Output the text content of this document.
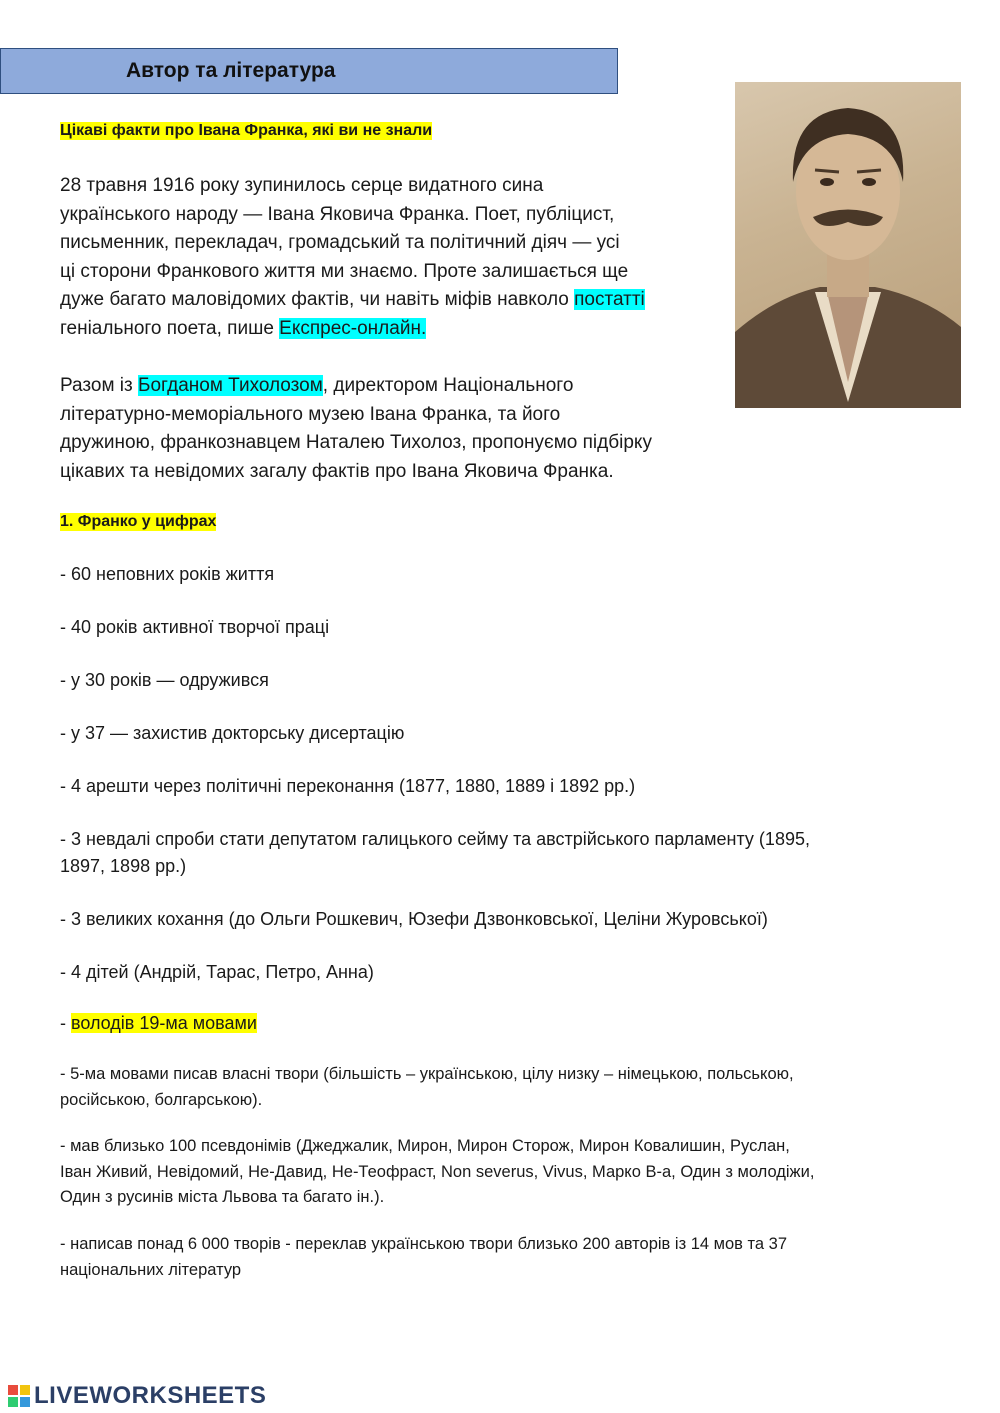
Автор та література
Цікаві факти про Івана Франка, які ви не знали
28 травня 1916 року зупинилось серце видатного сина
українського народу — Івана Яковича Франка. Поет, публіцист,
письменник, перекладач, громадський та політичний діяч — усі
ці сторони Франкового життя ми знаємо. Проте залишається ще
дуже багато маловідомих фактів, чи навіть міфів навколо постатті
геніального поета, пише Експрес-онлайн.
Разом із Богданом Тихолозом, директором Національного
літературно-меморіального музею Івана Франка, та його
дружиною, франкознавцем Наталею Тихолоз, пропонуємо підбірку
цікавих та невідомих загалу фактів про Івана Яковича Франка.
1. Франко у цифрах
- 60 неповних років життя
- 40 років активної творчої праці
- у 30 років — одружився
- у 37 — захистив докторську дисертацію
- 4 арешти через політичні переконання (1877, 1880, 1889 і 1892 рр.)
- 3 невдалі спроби стати депутатом галицького сейму та австрійського парламенту (1895,
1897, 1898 рр.)
- 3 великих кохання (до Ольги Рошкевич, Юзефи Дзвонковської, Целіни Журовської)
- 4 дітей (Андрій, Тарас, Петро, Анна)
- володів 19-ма мовами
- 5-ма мовами писав власні твори (більшість – українською, цілу низку – німецькою, польською,
російською, болгарською).
- мав близько 100 псевдонімів (Джеджалик, Мирон, Мирон Сторож, Мирон Ковалишин, Руслан,
Іван Живий, Невідомий, Не-Давид, Не-Теофраст, Non severus, Vivus, Марко В-а, Один з молодіжи,
Один з русинів міста Львова та багато ін.).
- написав понад 6 000 творів - переклав українською твори близько 200 авторів із 14 мов та 37
національних літератур
LIVEWORKSHEETS
